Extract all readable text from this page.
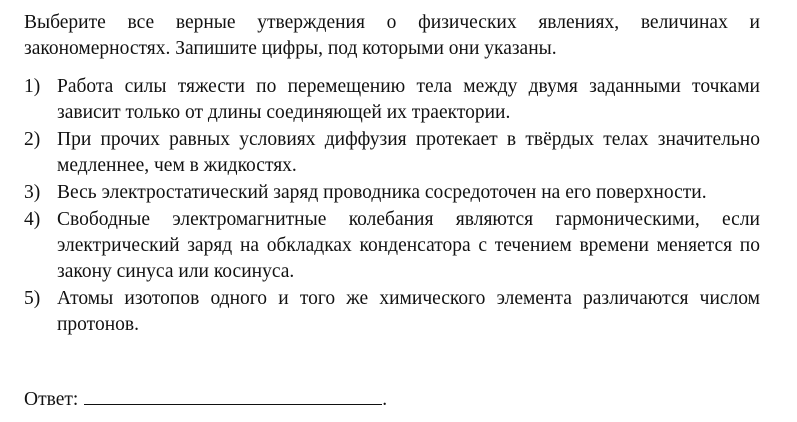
Выберите все верные утверждения о физических явлениях, величинах и закономерностях. Запишите цифры, под которыми они указаны.

1) Работа силы тяжести по перемещению тела между двумя заданными точками зависит только от длины соединяющей их траектории.
2) При прочих равных условиях диффузия протекает в твёрдых телах значительно медленнее, чем в жидкостях.
3) Весь электростатический заряд проводника сосредоточен на его поверхности.
4) Свободные электромагнитные колебания являются гармоническими, если электрический заряд на обкладках конденсатора с течением времени меняется по закону синуса или косинуса.
5) Атомы изотопов одного и того же химического элемента различаются числом протонов.
Ответ:	.
